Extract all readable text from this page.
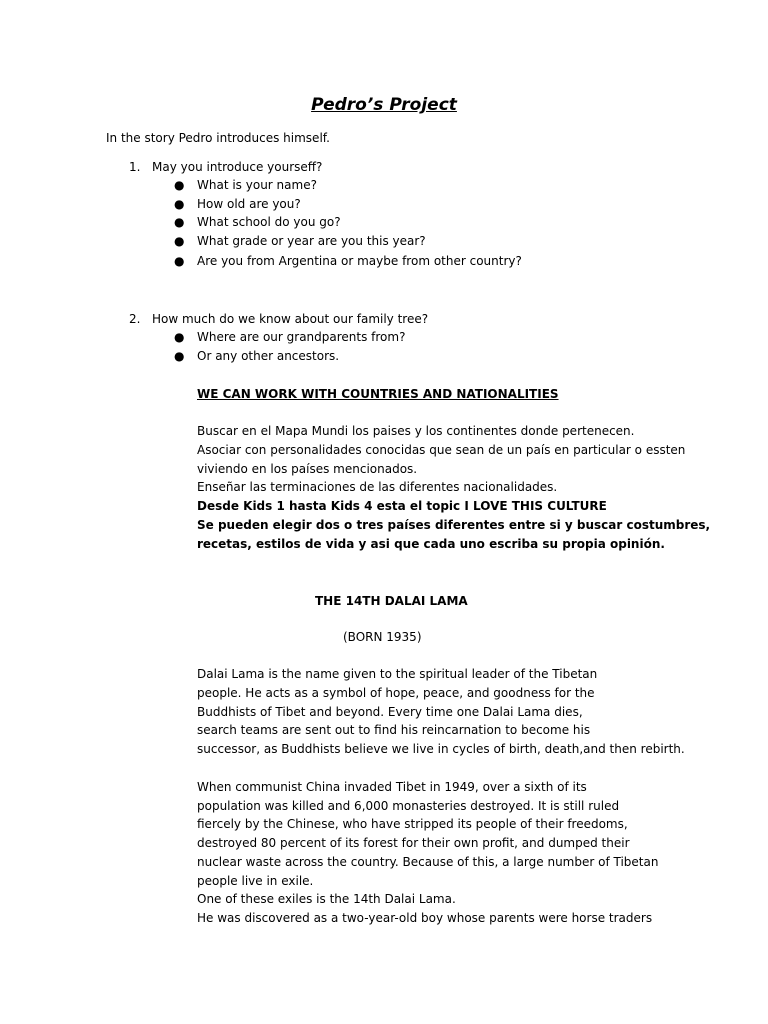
Pedro’s Project
In the story Pedro introduces himself.
1. May you introduce yourseff?
● What is your name?
● How old are you?
● What school do you go?
● What grade or year are you this year?
● Are you from Argentina or maybe from other country?
2. How much do we know about our family tree?
● Where are our grandparents from?
● Or any other ancestors.
WE CAN WORK WITH COUNTRIES AND NATIONALITIES
Buscar en el Mapa Mundi los paises y los continentes donde pertenecen.
Asociar con personalidades conocidas que sean de un país en particular o essten
viviendo en los países mencionados.
Enseñar las terminaciones de las diferentes nacionalidades.
Desde Kids 1 hasta Kids 4 esta el topic I LOVE THIS CULTURE
Se pueden elegir dos o tres países diferentes entre si y buscar costumbres,
recetas, estilos de vida y asi que cada uno escriba su propia opinión.
THE 14TH DALAI LAMA
(BORN 1935)
Dalai Lama is the name given to the spiritual leader of the Tibetan
people. He acts as a symbol of hope, peace, and goodness for the
Buddhists of Tibet and beyond. Every time one Dalai Lama dies,
search teams are sent out to find his reincarnation to become his
successor, as Buddhists believe we live in cycles of birth, death,and then rebirth.
When communist China invaded Tibet in 1949, over a sixth of its
population was killed and 6,000 monasteries destroyed. It is still ruled
fiercely by the Chinese, who have stripped its people of their freedoms,
destroyed 80 percent of its forest for their own profit, and dumped their
nuclear waste across the country. Because of this, a large number of Tibetan
people live in exile.
One of these exiles is the 14th Dalai Lama.
He was discovered as a two-year-old boy whose parents were horse traders
